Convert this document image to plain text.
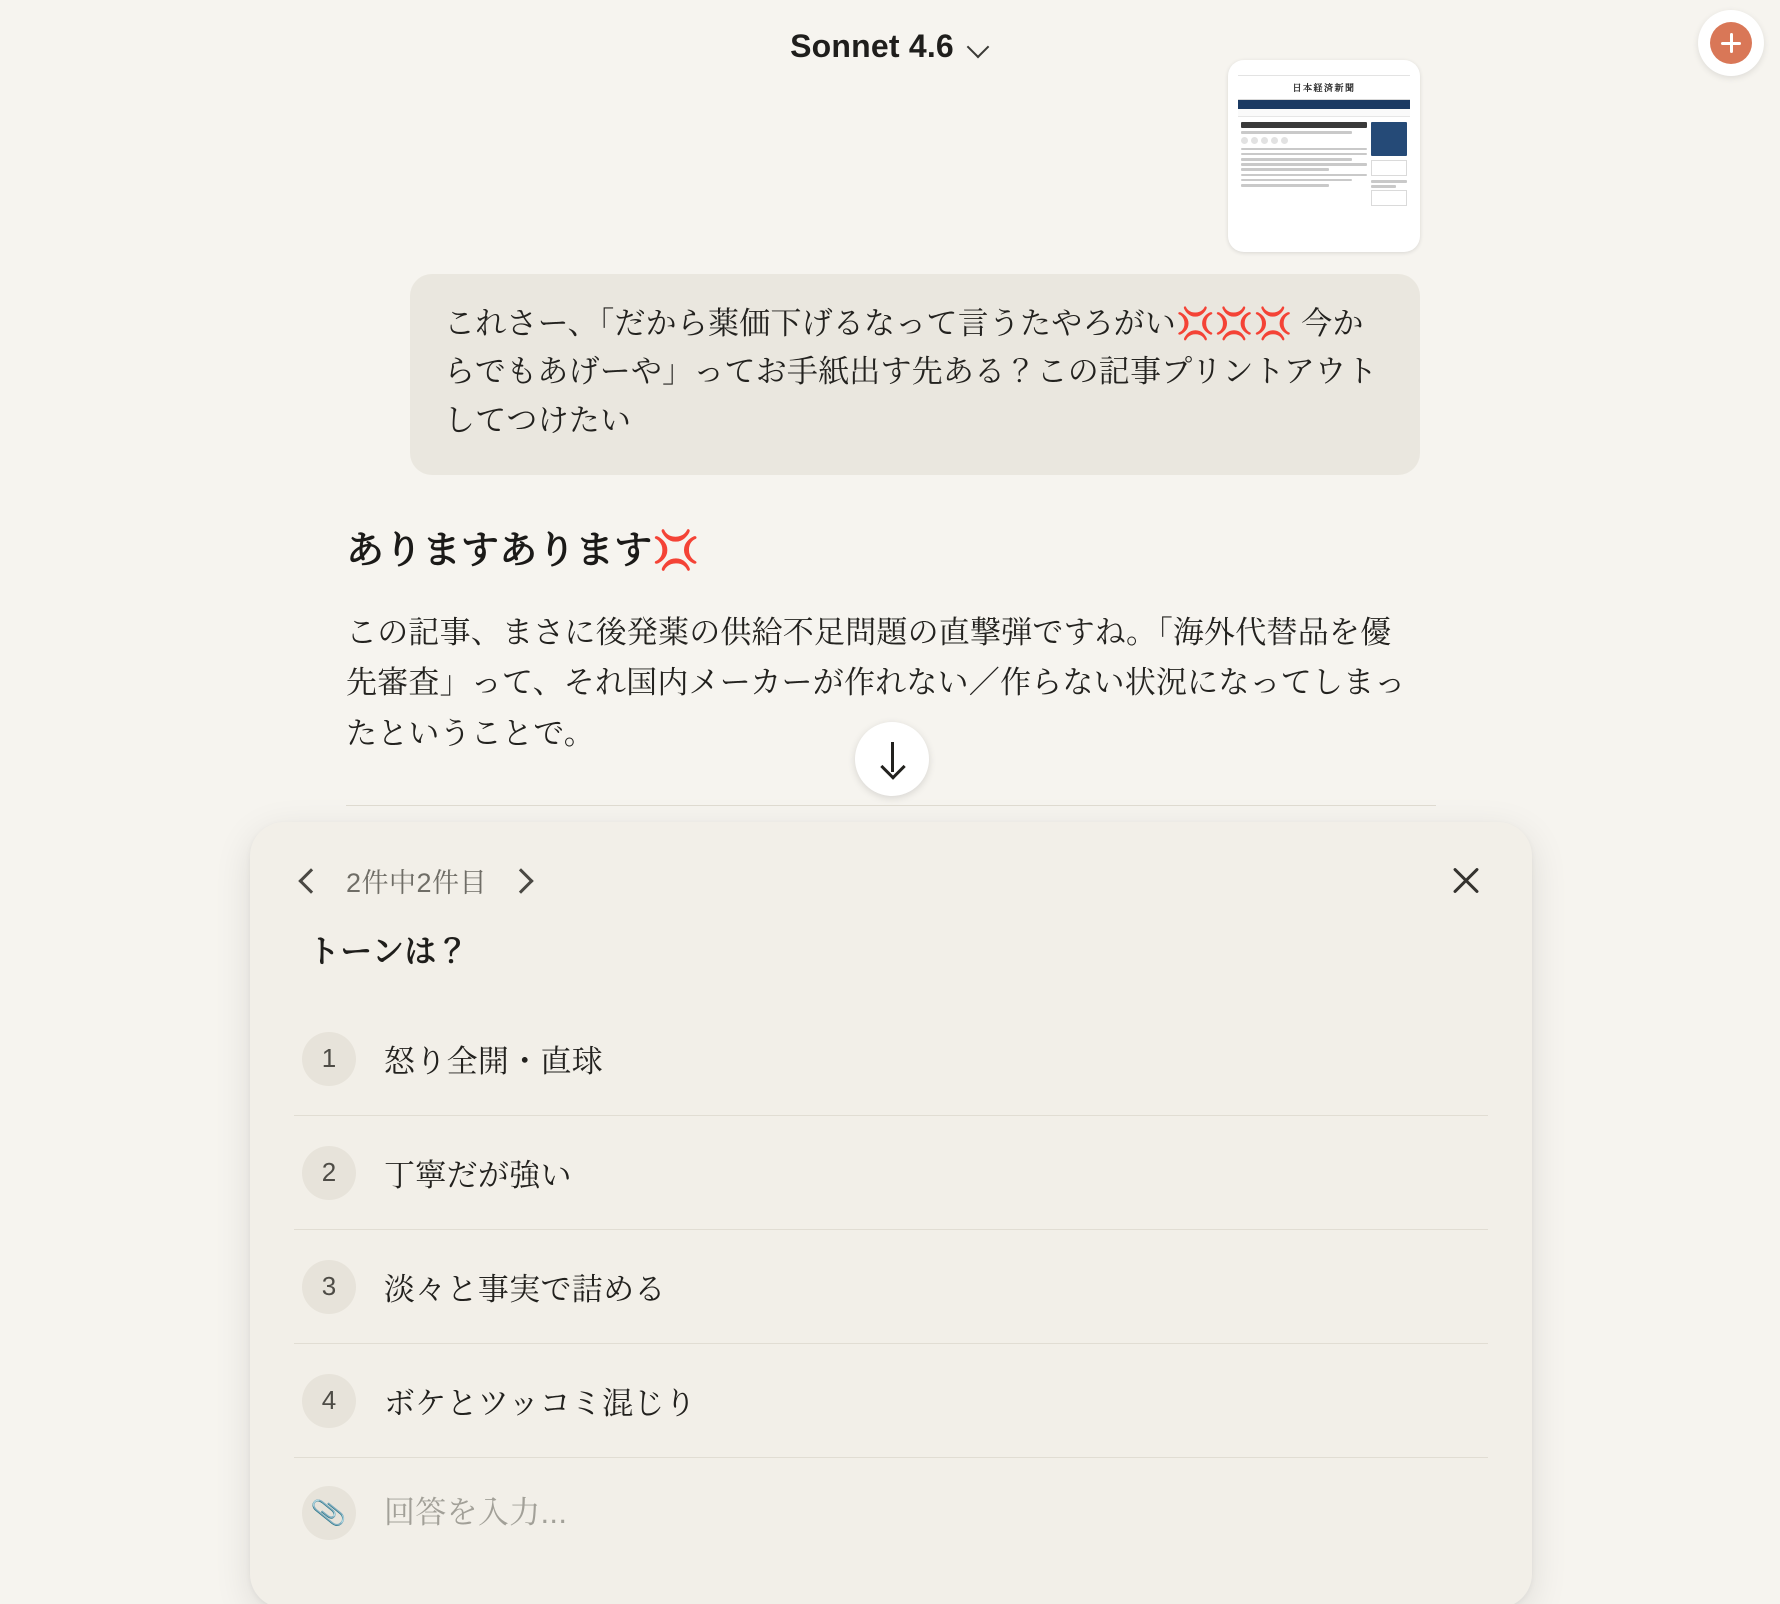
Sonnet 4.6
日本経済新聞
これさー、「だから薬価下げるなって言うたやろがい💢💢💢 今からでもあげーや」ってお手紙出す先ある？この記事プリントアウトしてつけたい
ありますあります💢

この記事、まさに後発薬の供給不足問題の直撃弾ですね。「海外代替品を優先審査」って、それ国内メーカーが作れない／作らない状況になってしまったということで。

2件中2件目
トーンは？
1	怒り全開・直球
2	丁寧だが強い
3	淡々と事実で詰める
4	ボケとツッコミ混じり
📎
回答を入力...
